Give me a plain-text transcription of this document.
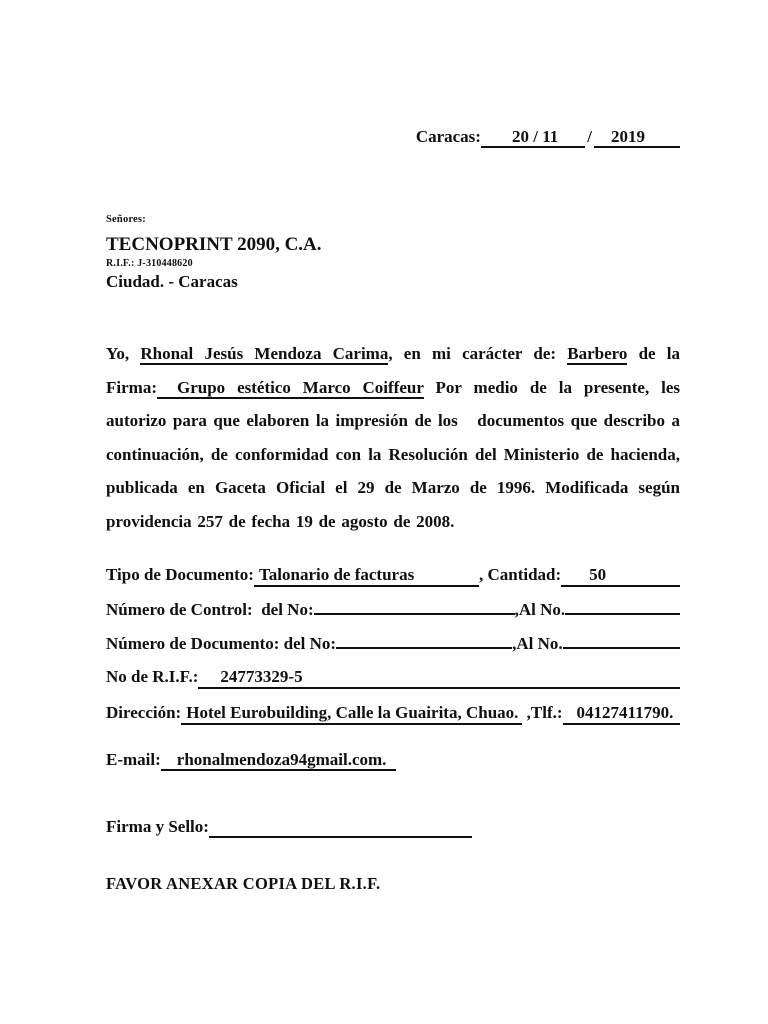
Caracas: 20 / 11 / 2019
Señores:
TECNOPRINT 2090, C.A.
R.I.F.: J-310448620
Ciudad. - Caracas

Yo, Rhonal Jesús Mendoza Carima, en mi carácter de: Barbero de la Firma: Grupo estético Marco Coiffeur Por medio de la presente, les autorizo para que elaboren la impresión de los   documentos que describo a continuación, de conformidad con la Resolución del Ministerio de hacienda, publicada en Gaceta Oficial el 29 de Marzo de 1996. Modificada según providencia 257 de fecha 19 de agosto de 2008.

Tipo de Documento: Talonario de facturas	, Cantidad:	50
Número de Control:  del No:	,Al No.
Número de Documento: del No:	,Al No.
No de R.I.F.:	24773329-5
Dirección: Hotel Eurobuilding, Calle la Guairita, Chuao. ,Tlf.: 04127411790.
E-mail: rhonalmendoza94gmail.com.
Firma y Sello:
FAVOR ANEXAR COPIA DEL R.I.F.
